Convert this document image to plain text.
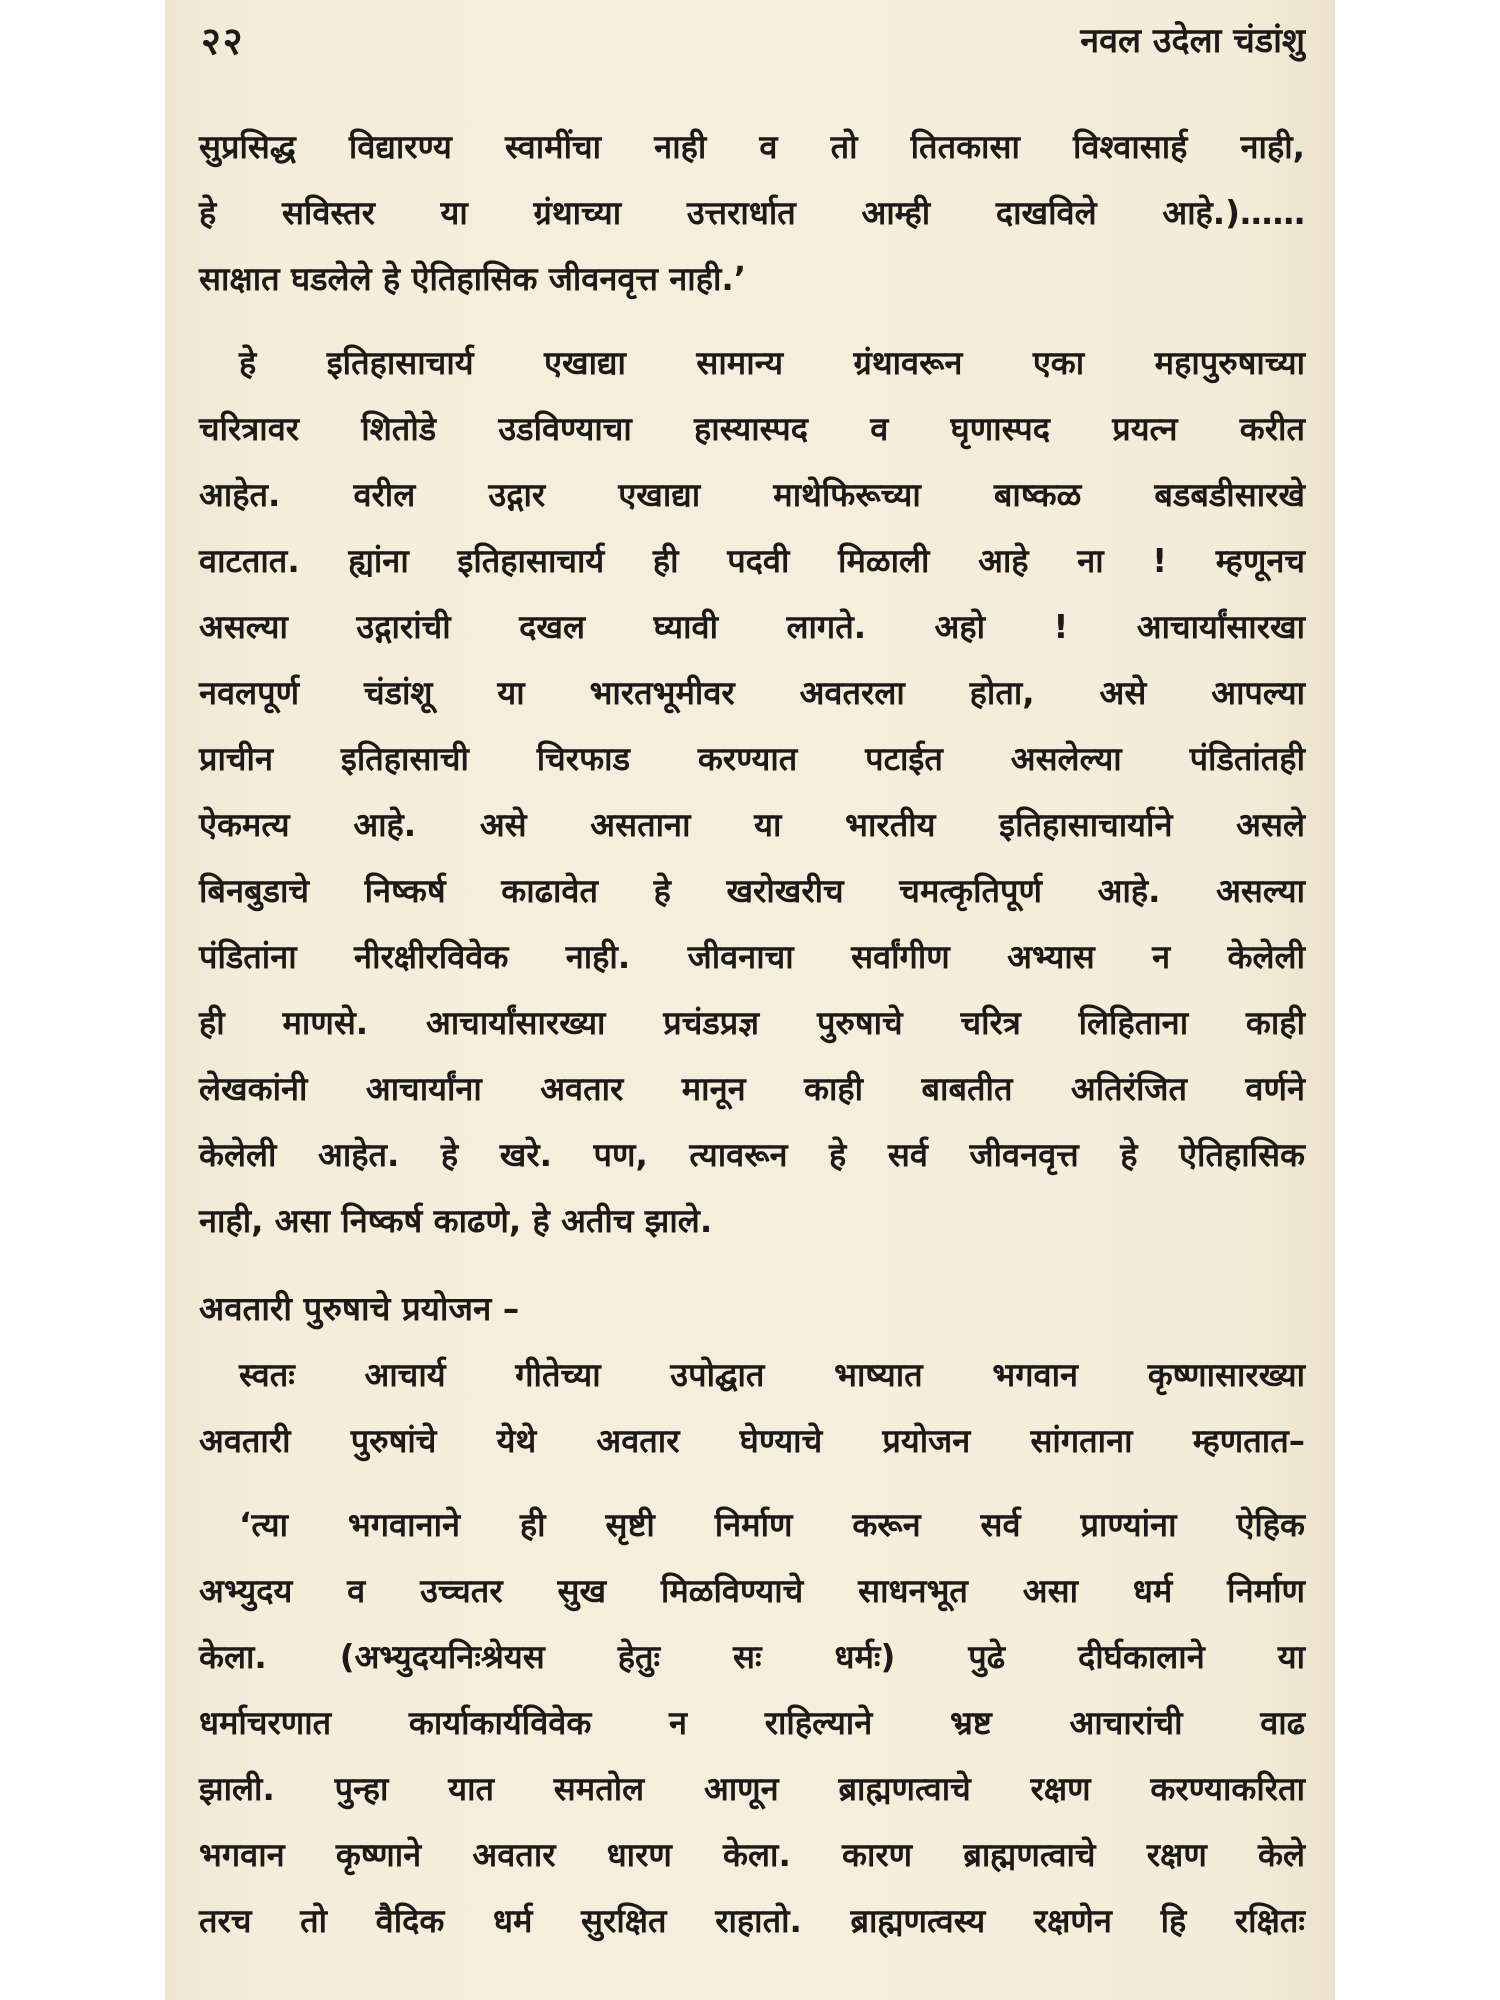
२२	नवल उदेला चंडांशु

सुप्रसिद्ध विद्यारण्य स्वामींचा नाही व तो तितकासा विश्वासार्ह नाही,
हे सविस्तर या ग्रंथाच्या उत्तरार्धात आम्ही दाखविले आहे.)……
साक्षात घडलेले हे ऐतिहासिक जीवनवृत्त नाही.’

हे इतिहासाचार्य एखाद्या सामान्य ग्रंथावरून एका महापुरुषाच्या
चरित्रावर शितोडे उडविण्याचा हास्यास्पद व घृणास्पद प्रयत्न करीत
आहेत. वरील उद्गार एखाद्या माथेफिरूच्या बाष्कळ बडबडीसारखे
वाटतात. ह्यांना इतिहासाचार्य ही पदवी मिळाली आहे ना ! म्हणूनच
असल्या उद्गारांची दखल घ्यावी लागते. अहो ! आचार्यांसारखा
नवलपूर्ण चंडांशू या भारतभूमीवर अवतरला होता, असे आपल्या
प्राचीन इतिहासाची चिरफाड करण्यात पटाईत असलेल्या पंडितांतही
ऐकमत्य आहे. असे असताना या भारतीय इतिहासाचार्याने असले
बिनबुडाचे निष्कर्ष काढावेत हे खरोखरीच चमत्कृतिपूर्ण आहे. असल्या
पंडितांना नीरक्षीरविवेक नाही. जीवनाचा सर्वांगीण अभ्यास न केलेली
ही माणसे. आचार्यांसारख्या प्रचंडप्रज्ञ पुरुषाचे चरित्र लिहिताना काही
लेखकांनी आचार्यांना अवतार मानून काही बाबतीत अतिरंजित वर्णने
केलेली आहेत. हे खरे. पण, त्यावरून हे सर्व जीवनवृत्त हे ऐतिहासिक
नाही, असा निष्कर्ष काढणे, हे अतीच झाले.

अवतारी पुरुषाचे प्रयोजन –

स्वतः आचार्य गीतेच्या उपोद्घात भाष्यात भगवान कृष्णासारख्या
अवतारी पुरुषांचे येथे अवतार घेण्याचे प्रयोजन सांगताना म्हणतात–

‘त्या भगवानाने ही सृष्टी निर्माण करून सर्व प्राण्यांना ऐहिक
अभ्युदय व उच्चतर सुख मिळविण्याचे साधनभूत असा धर्म निर्माण
केला. (अभ्युदयनिःश्रेयस हेतुः सः धर्मः) पुढे दीर्घकालाने या
धर्माचरणात कार्याकार्यविवेक न राहिल्याने भ्रष्ट आचारांची वाढ
झाली. पुन्हा यात समतोल आणून ब्राह्मणत्वाचे रक्षण करण्याकरिता
भगवान कृष्णाने अवतार धारण केला. कारण ब्राह्मणत्वाचे रक्षण केले
तरच तो वैदिक धर्म सुरक्षित राहातो. ब्राह्मणत्वस्य रक्षणेन हि रक्षितः
